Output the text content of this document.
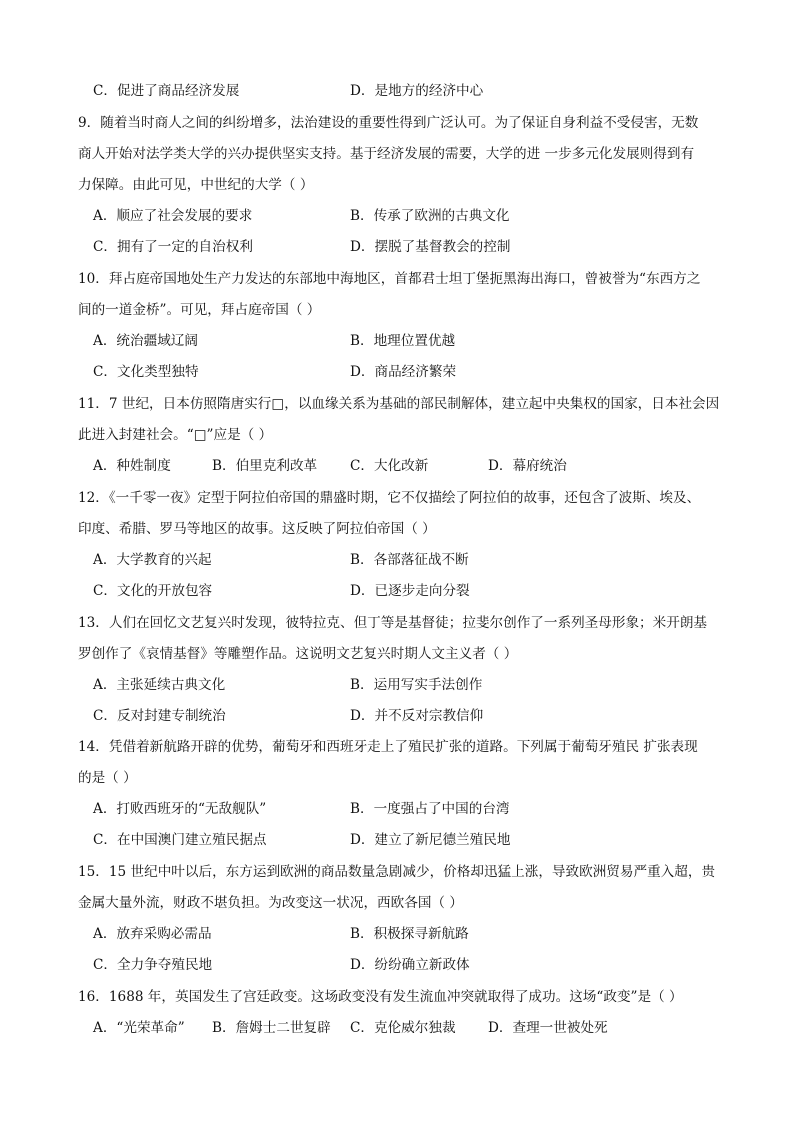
C．促进了商品经济发展	D．是地方的经济中心
9．随着当时商人之间的纠纷增多，法治建设的重要性得到广泛认可。为了保证自身利益不受侵害，无数
商人开始对法学类大学的兴办提供坚实支持。基于经济发展的需要，大学的进 一步多元化发展则得到有
力保障。由此可见，中世纪的大学（ ）
A．顺应了社会发展的要求	B．传承了欧洲的古典文化
C．拥有了一定的自治权利	D．摆脱了基督教会的控制
10．拜占庭帝国地处生产力发达的东部地中海地区，首都君士坦丁堡扼黑海出海口，曾被誉为“东西方之
间的一道金桥”。可见，拜占庭帝国（ ）
A．统治疆域辽阔	B．地理位置优越
C．文化类型独特	D．商品经济繁荣
11．7 世纪，日本仿照隋唐实行□，以血缘关系为基础的部民制解体，建立起中央集权的国家，日本社会因
此进入封建社会。“□”应是（ ）
A．种姓制度	B．伯里克利改革 C．大化改新	D．幕府统治
12．《一千零一夜》定型于阿拉伯帝国的鼎盛时期，它不仅描绘了阿拉伯的故事，还包含了波斯、埃及、
印度、希腊、罗马等地区的故事。这反映了阿拉伯帝国（ ）
A．大学教育的兴起	B．各部落征战不断
C．文化的开放包容	D．已逐步走向分裂
13．人们在回忆文艺复兴时发现，彼特拉克、但丁等是基督徒；拉斐尔创作了一系列圣母形象；米开朗基
罗创作了《哀情基督》等雕塑作品。这说明文艺复兴时期人文主义者（ ）
A．主张延续古典文化	B．运用写实手法创作
C．反对封建专制统治	D．并不反对宗教信仰
14．凭借着新航路开辟的优势，葡萄牙和西班牙走上了殖民扩张的道路。下列属于葡萄牙殖民 扩张表现
的是（ ）
A．打败西班牙的“无敌舰队”	B．一度强占了中国的台湾
C．在中国澳门建立殖民据点	D．建立了新尼德兰殖民地
15．15 世纪中叶以后，东方运到欧洲的商品数量急剧减少，价格却迅猛上涨，导致欧洲贸易严重入超，贵
金属大量外流，财政不堪负担。为改变这一状况，西欧各国（ ）
A．放弃采购必需品	B．积极探寻新航路
C．全力争夺殖民地	D．纷纷确立新政体
16．1688 年，英国发生了宫廷政变。这场政变没有发生流血冲突就取得了成功。这场“政变”是（ ）
A．“光荣革命” B．詹姆士二世复辟 C．克伦威尔独裁 D．查理一世被处死
